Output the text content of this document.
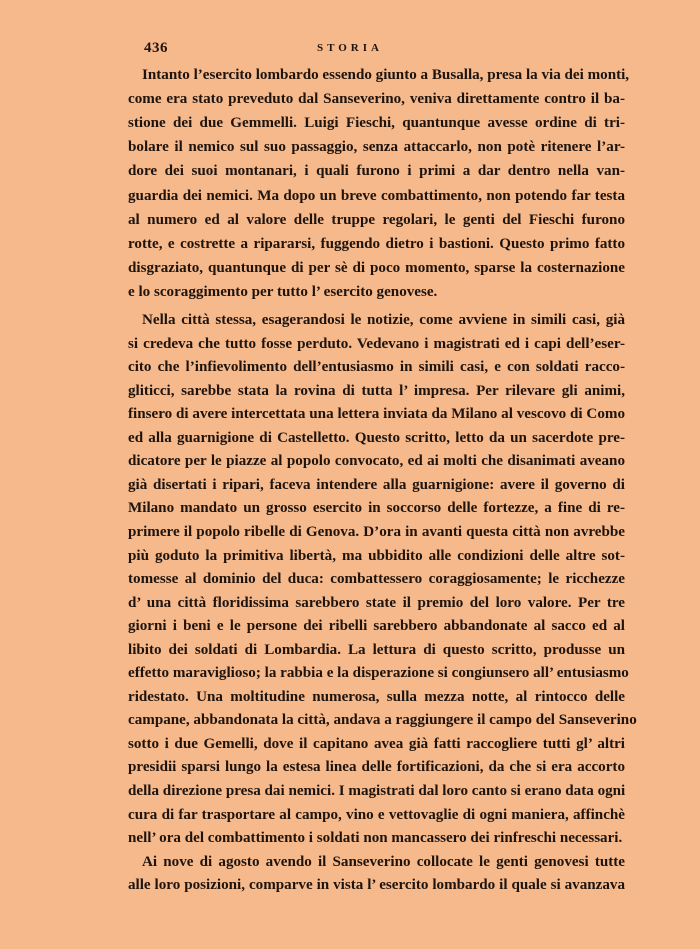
436	STORIA
Intanto l’esercito lombardo essendo giunto a Busalla, presa la via dei monti,
come era stato preveduto dal Sanseverino, veniva direttamente contro il ba-
stione dei due Gemmelli. Luigi Fieschi, quantunque avesse ordine di tri-
bolare il nemico sul suo passaggio, senza attaccarlo, non potè ritenere l’ar-
dore dei suoi montanari, i quali furono i primi a dar dentro nella van-
guardia dei nemici. Ma dopo un breve combattimento, non potendo far testa
al numero ed al valore delle truppe regolari, le genti del Fieschi furono
rotte, e costrette a ripararsi, fuggendo dietro i bastioni. Questo primo fatto
disgraziato, quantunque di per sè di poco momento, sparse la costernazione
e lo scoraggimento per tutto l’ esercito genovese.
Nella città stessa, esagerandosi le notizie, come avviene in simili casi, già
si credeva che tutto fosse perduto. Vedevano i magistrati ed i capi dell’eser-
cito che l’infievolimento dell’entusiasmo in simili casi, e con soldati racco-
gliticci, sarebbe stata la rovina di tutta l’ impresa. Per rilevare gli animi,
finsero di avere intercettata una lettera inviata da Milano al vescovo di Como
ed alla guarnigione di Castelletto. Questo scritto, letto da un sacerdote pre-
dicatore per le piazze al popolo convocato, ed ai molti che disanimati aveano
già disertati i ripari, faceva intendere alla guarnigione: avere il governo di
Milano mandato un grosso esercito in soccorso delle fortezze, a fine di re-
primere il popolo ribelle di Genova. D’ora in avanti questa città non avrebbe
più goduto la primitiva libertà, ma ubbidito alle condizioni delle altre sot-
tomesse al dominio del duca: combattessero coraggiosamente; le ricchezze
d’ una città floridissima sarebbero state il premio del loro valore. Per tre
giorni i beni e le persone dei ribelli sarebbero abbandonate al sacco ed al
libito dei soldati di Lombardia. La lettura di questo scritto, produsse un
effetto maraviglioso; la rabbia e la disperazione si congiunsero all’ entusiasmo
ridestato. Una moltitudine numerosa, sulla mezza notte, al rintocco delle
campane, abbandonata la città, andava a raggiungere il campo del Sanseverino
sotto i due Gemelli, dove il capitano avea già fatti raccogliere tutti gl’ altri
presidii sparsi lungo la estesa linea delle fortificazioni, da che si era accorto
della direzione presa dai nemici. I magistrati dal loro canto si erano data ogni
cura di far trasportare al campo, vino e vettovaglie di ogni maniera, affinchè
nell’ ora del combattimento i soldati non mancassero dei rinfreschi necessari.
Ai nove di agosto avendo il Sanseverino collocate le genti genovesi tutte
alle loro posizioni, comparve in vista l’ esercito lombardo il quale si avanzava
